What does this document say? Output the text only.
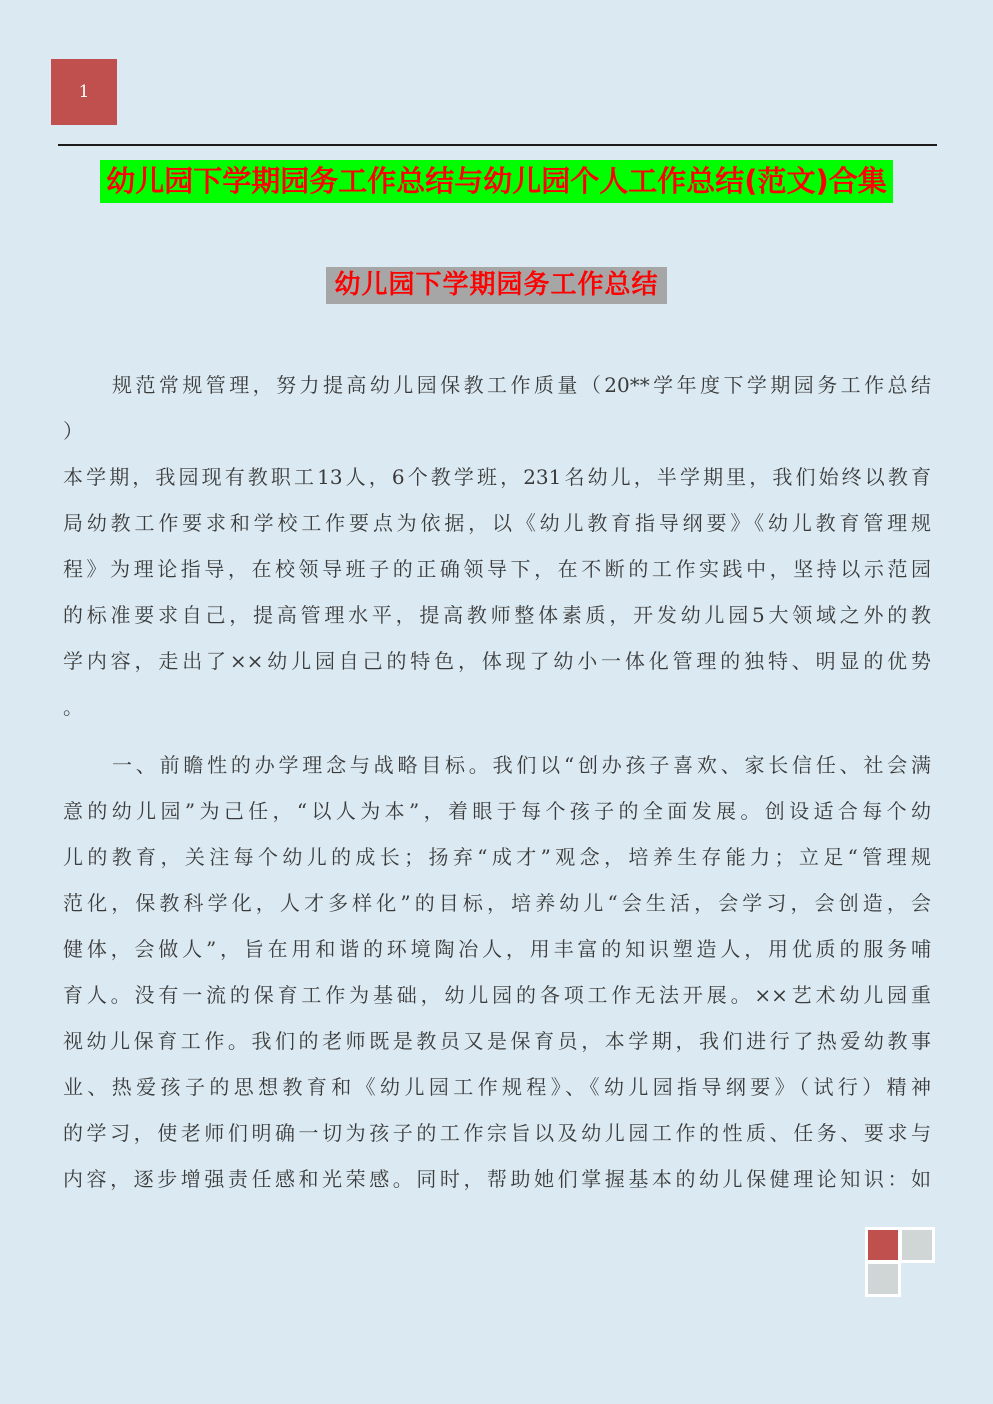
1
幼儿园下学期园务工作总结与幼儿园个人工作总结(范文)合集
幼儿园下学期园务工作总结
规范常规管理，努力提高幼儿园保教工作质量（20**学年度下学期园务工作总结
）
本学期，我园现有教职工13人，6个教学班，231名幼儿，半学期里，我们始终以教育
局幼教工作要求和学校工作要点为依据，以《幼儿教育指导纲要》《幼儿教育管理规
程》为理论指导，在校领导班子的正确领导下，在不断的工作实践中，坚持以示范园
的标准要求自己，提高管理水平，提高教师整体素质，开发幼儿园5大领域之外的教
学内容，走出了××幼儿园自己的特色，体现了幼小一体化管理的独特、明显的优势
。
一、前瞻性的办学理念与战略目标。我们以“创办孩子喜欢、家长信任、社会满
意的幼儿园”为己任，“以人为本”，着眼于每个孩子的全面发展。创设适合每个幼
儿的教育，关注每个幼儿的成长；扬弃“成才”观念，培养生存能力；立足“管理规
范化，保教科学化，人才多样化”的目标，培养幼儿“会生活，会学习，会创造，会
健体，会做人”，旨在用和谐的环境陶冶人，用丰富的知识塑造人，用优质的服务哺
育人。没有一流的保育工作为基础，幼儿园的各项工作无法开展。××艺术幼儿园重
视幼儿保育工作。我们的老师既是教员又是保育员，本学期，我们进行了热爱幼教事
业、热爱孩子的思想教育和《幼儿园工作规程》、《幼儿园指导纲要》（试行）精神
的学习，使老师们明确一切为孩子的工作宗旨以及幼儿园工作的性质、任务、要求与
内容，逐步增强责任感和光荣感。同时，帮助她们掌握基本的幼儿保健理论知识：如
